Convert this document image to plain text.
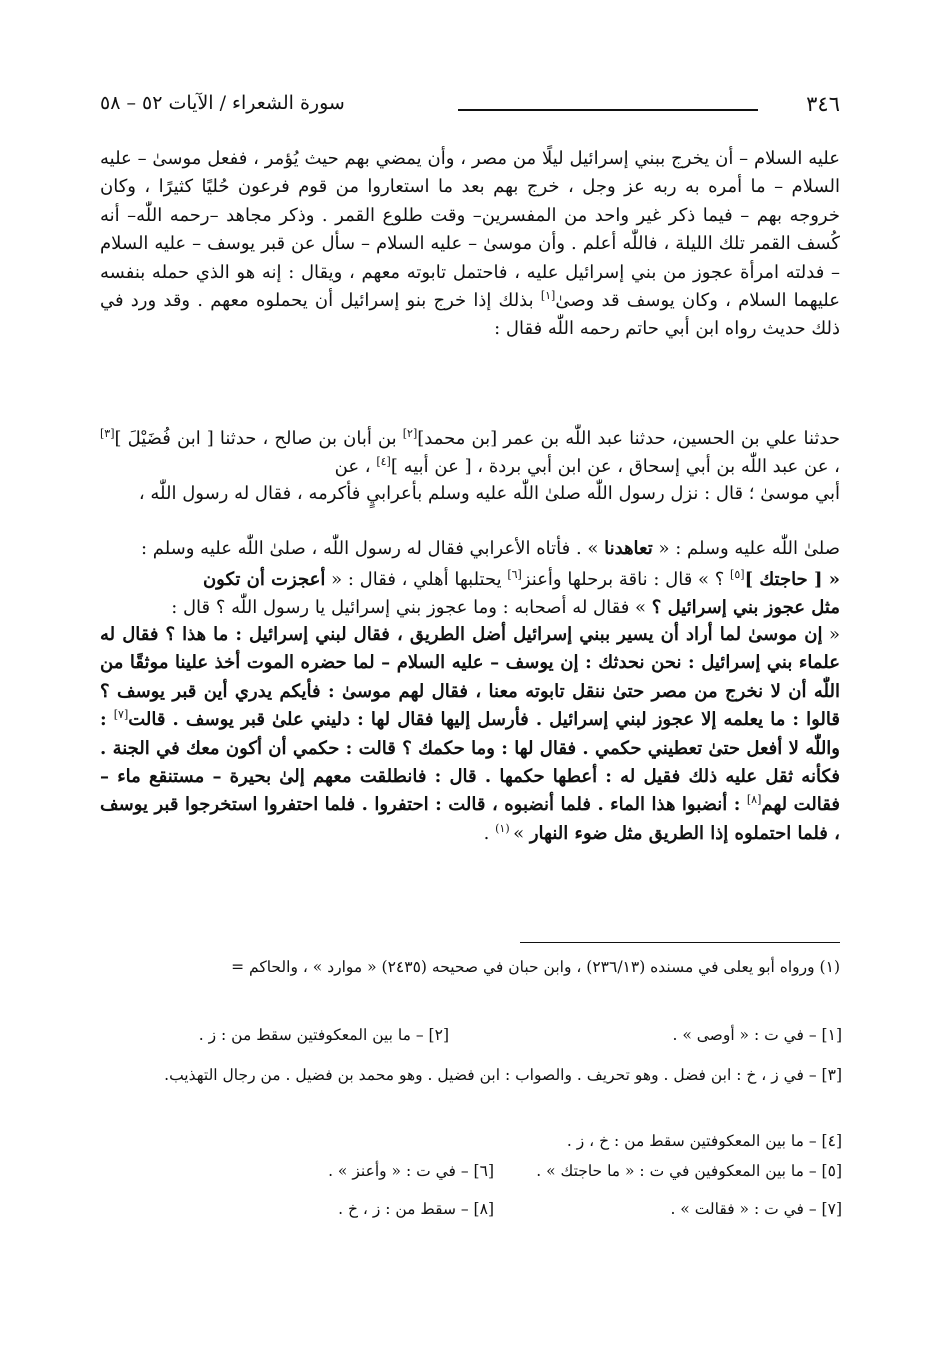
٣٤٦
سورة الشعراء / الآيات ٥٢ – ٥٨
عليه السلام – أن يخرج ببني إسرائيل ليلًا من مصر ، وأن يمضي بهم حيث يُؤمر ، ففعل موسىٰ – عليه السلام – ما أمره به ربه عز وجل ، خرج بهم بعد ما استعاروا من قوم فرعون حُليًا كثيرًا ، وكان خروجه بهم – فيما ذكر غير واحد من المفسرين– وقت طلوع القمر . وذكر مجاهد –رحمه اللّٰه– أنه كُسف القمر تلك الليلة ، فاللّٰه أعلم . وأن موسىٰ – عليه السلام – سأل عن قبر يوسف – عليه السلام – فدلته امرأة عجوز من بني إسرائيل عليه ، فاحتمل تابوته معهم ، ويقال : إنه هو الذي حمله بنفسه عليهما السلام ، وكان يوسف قد وصىٰ[١] بذلك إذا خرج بنو إسرائيل أن يحملوه معهم . وقد ورد في ذلك حديث رواه ابن أبي حاتم رحمه اللّٰه فقال :
حدثنا علي بن الحسين، حدثنا عبد اللّٰه بن عمر [بن محمد][٢] بن أبان بن صالح ، حدثنا [ ابن فُضَيْلَ ][٣] ، عن عبد اللّٰه بن أبي إسحاق ، عن ابن أبي بردة ، [ عن أبيه ][٤] ، عن
أبي موسىٰ ؛ قال : نزل رسول اللّٰه صلىٰ اللّٰه عليه وسلم بأعرابيٍ فأكرمه ، فقال له رسول اللّٰه ،
صلىٰ اللّٰه عليه وسلم : « تعاهدنا » . فأتاه الأعرابي فقال له رسول اللّٰه ، صلىٰ اللّٰه عليه وسلم :
« [ حاجتك ][٥] ؟ » قال : ناقة برحلها وأعنز[٦] يحتلبها أهلي ، فقال : « أعجزت أن تكون
مثل عجوز بني إسرائيل ؟ » فقال له أصحابه : وما عجوز بني إسرائيل يا رسول اللّٰه ؟ قال :
« إن موسىٰ لما أراد أن يسير ببني إسرائيل أضل الطريق ، فقال لبني إسرائيل : ما هذا ؟ فقال له علماء بني إسرائيل : نحن نحدثك : إن يوسف – عليه السلام – لما حضره الموت أخذ علينا موثقًا من اللّٰه أن لا نخرج من مصر حتىٰ ننقل تابوته معنا ، فقال لهم موسىٰ : فأيكم يدري أين قبر يوسف ؟ قالوا : ما يعلمه إلا عجوز لبني إسرائيل . فأرسل إليها فقال لها : دليني علىٰ قبر يوسف . قالت[٧] : واللّٰه لا أفعل حتىٰ تعطيني حكمي . فقال لها : وما حكمك ؟ قالت : حكمي أن أكون معك في الجنة . فكأنه ثقل عليه ذلك فقيل له : أعطها حكمها . قال : فانطلقت معهم إلىٰ بحيرة – مستنقع ماء – فقالت لهم[٨] : أنضبوا هذا الماء . فلما أنضبوه ، قالت : احتفروا . فلما احتفروا استخرجوا قبر يوسف ، فلما احتملوه إذا الطريق مثل ضوء النهار » $^{(١)}$ .
(١) ورواه أبو يعلى في مسنده (٢٣٦/١٣) ، وابن حبان في صحيحه (٢٤٣٥) « موارد » ، والحاكم =
[١] – في ت : « أوصى » .
[٢] – ما بين المعكوفتين سقط من : ز .
[٣] – في ز ، خ : ابن فضل . وهو تحريف . والصواب : ابن فضيل . وهو محمد بن فضيل . من رجال التهذيب.
[٤] – ما بين المعكوفتين سقط من : خ ، ز .
[٥] – ما بين المعكوفين في ت : « ما حاجتك » .
[٦] – في ت : « وأعنز » .
[٧] – في ت : « فقالت » .
[٨] – سقط من : ز ، خ .
